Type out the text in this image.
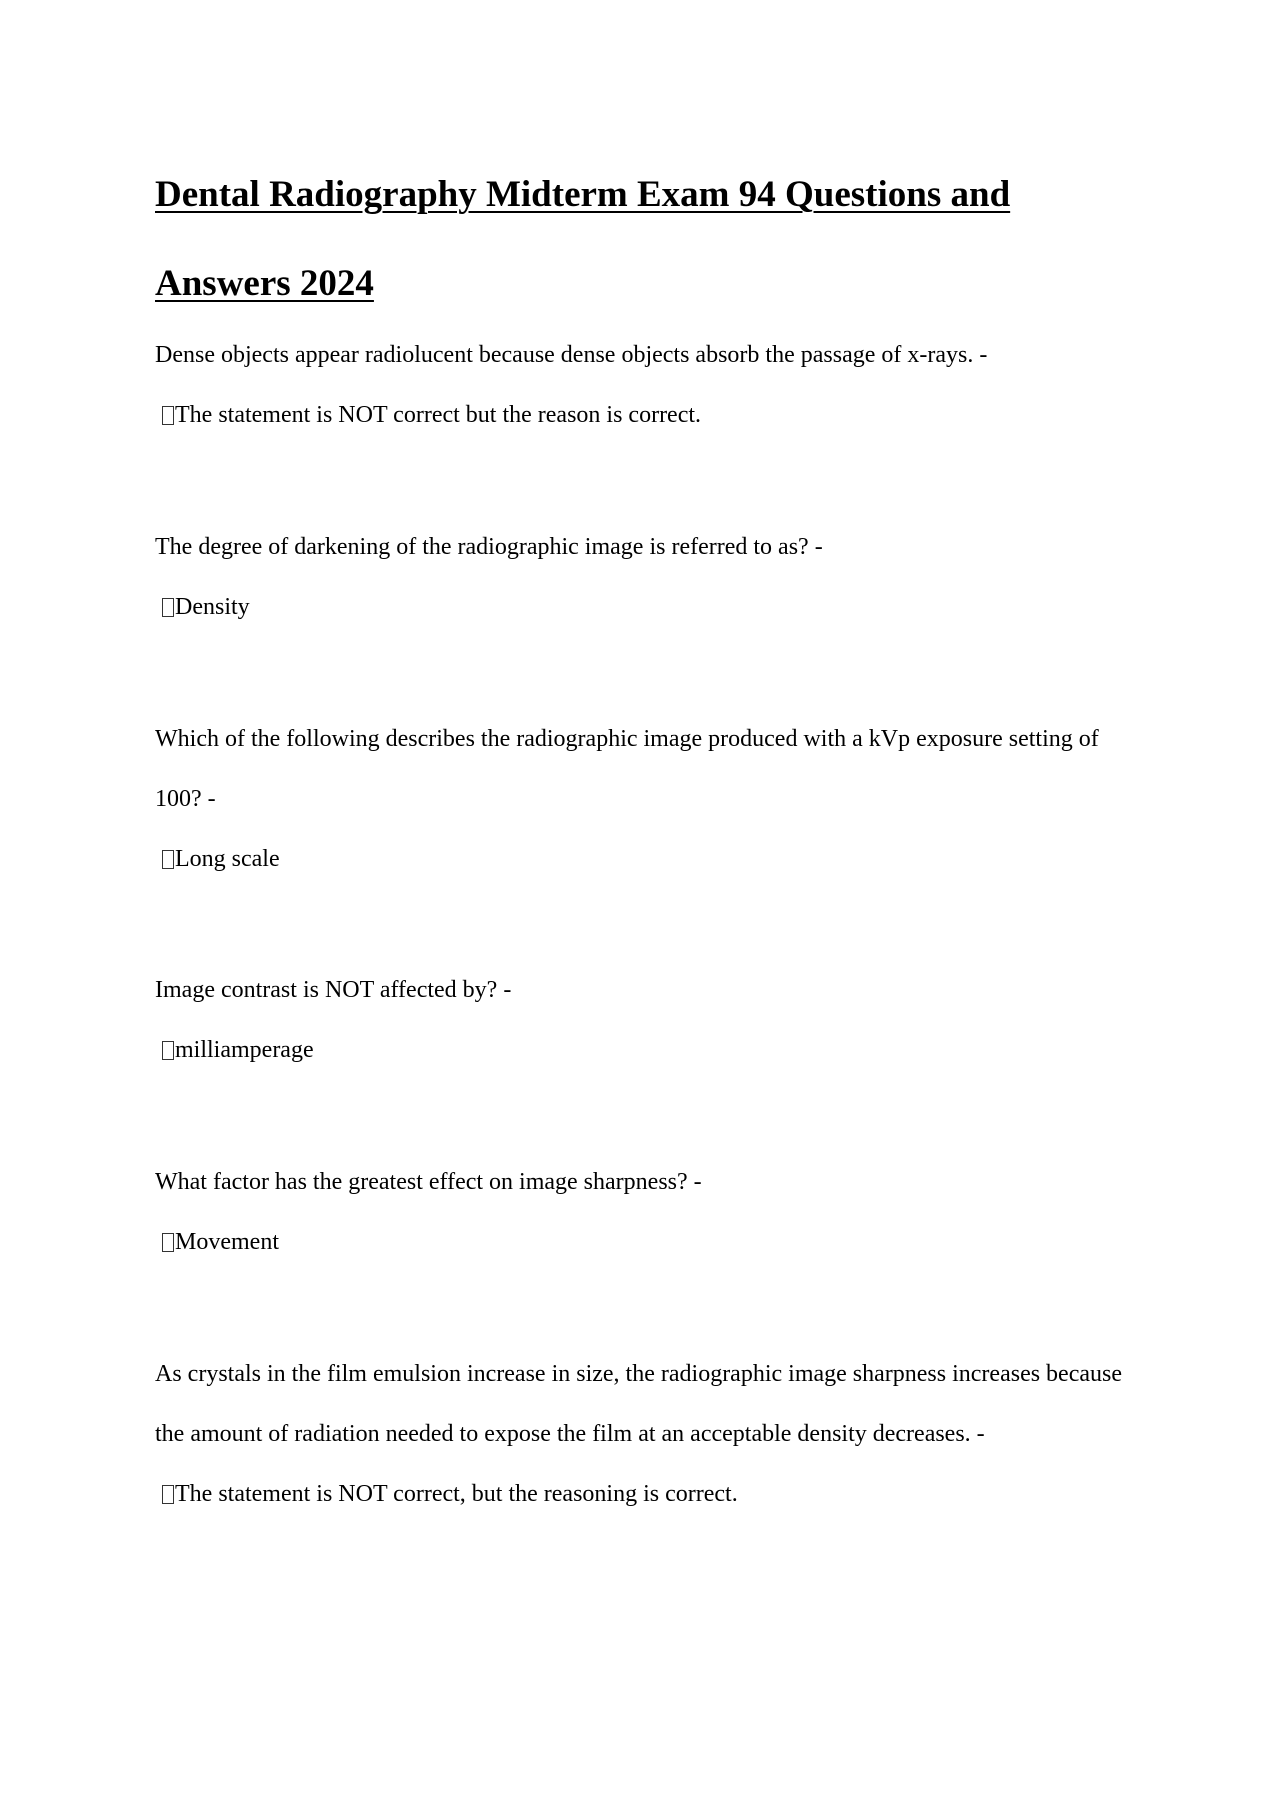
Dental Radiography Midterm Exam 94 Questions and Answers 2024

Dense objects appear radiolucent because dense objects absorb the passage of x-rays. -

The statement is NOT correct but the reason is correct.

The degree of darkening of the radiographic image is referred to as? -

Density

Which of the following describes the radiographic image produced with a kVp exposure setting of 100? -

Long scale

Image contrast is NOT affected by? -

milliamperage

What factor has the greatest effect on image sharpness? -

Movement

As crystals in the film emulsion increase in size, the radiographic image sharpness increases because the amount of radiation needed to expose the film at an acceptable density decreases. -

The statement is NOT correct, but the reasoning is correct.
